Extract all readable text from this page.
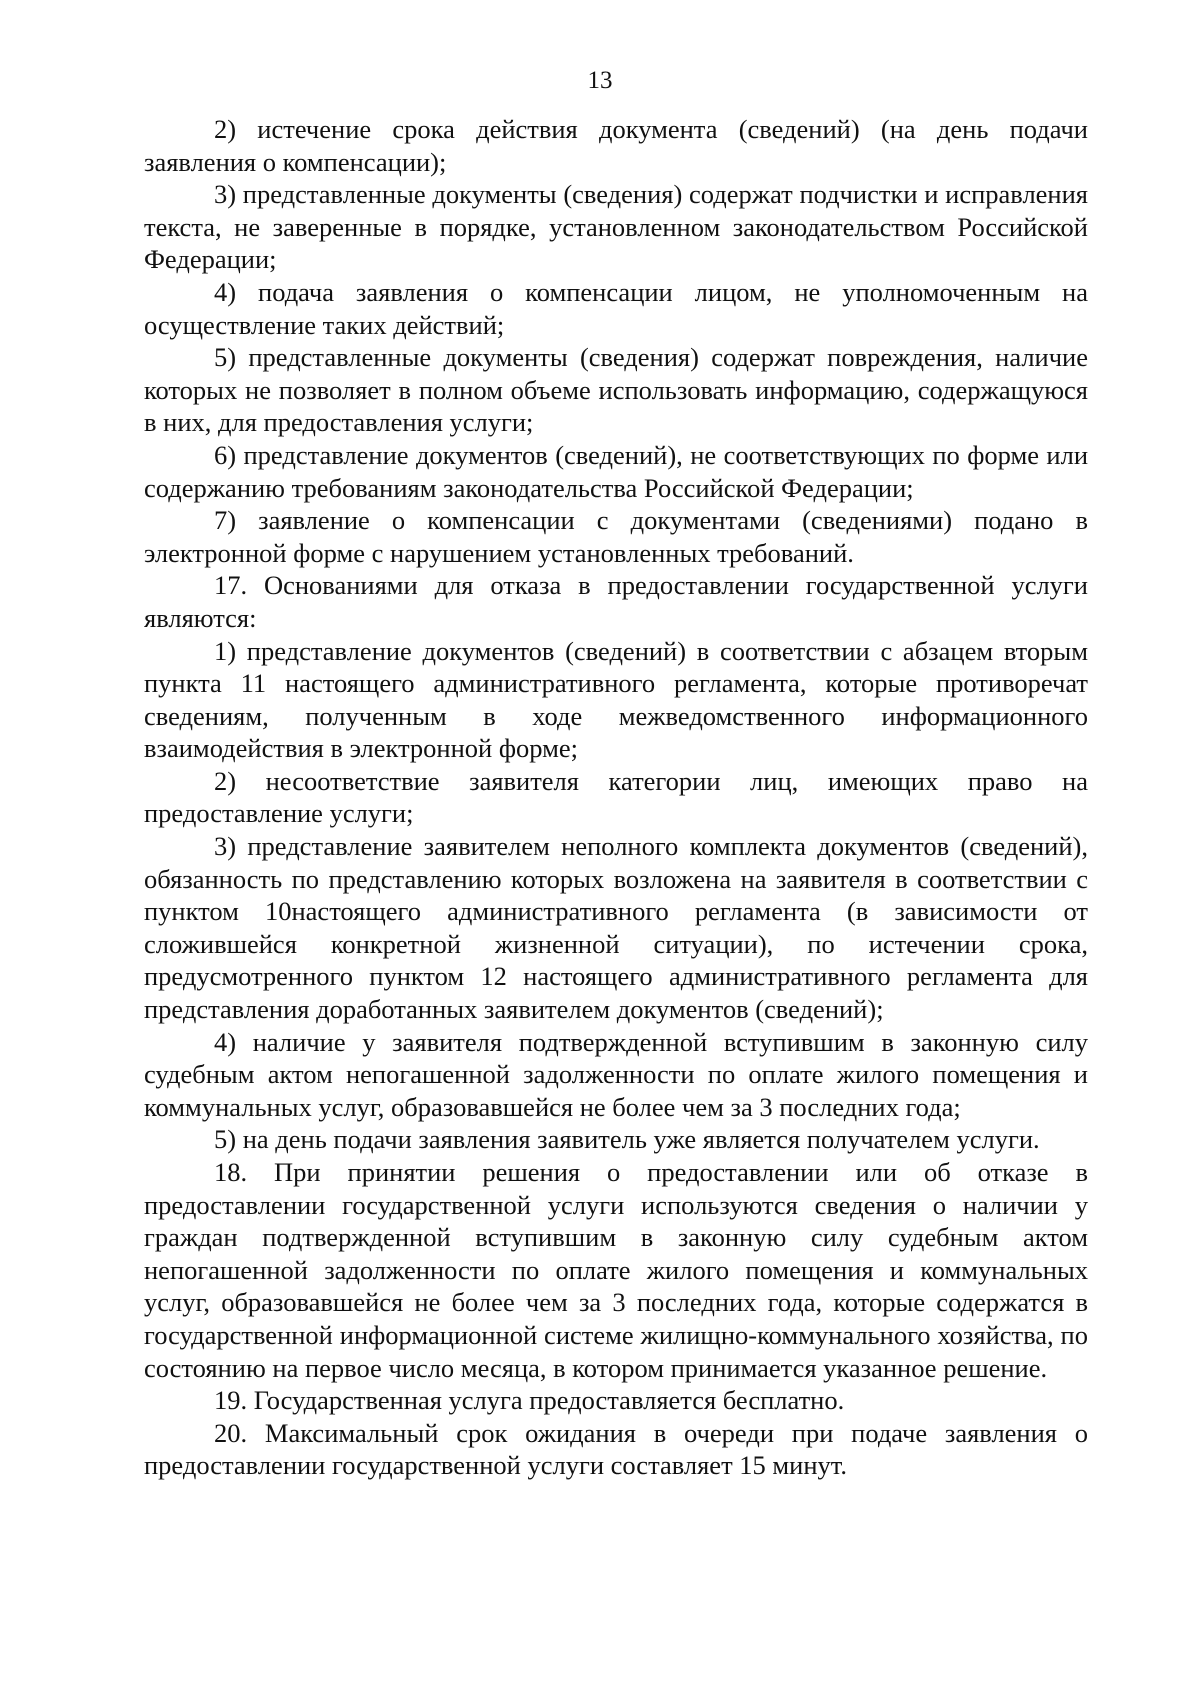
13

2) истечение срока действия документа (сведений) (на день подачи заявления о компенсации);

3) представленные документы (сведения) содержат подчистки и исправления текста, не заверенные в порядке, установленном законодательством Российской Федерации;

4) подача заявления о компенсации лицом, не уполномоченным на осуществление таких действий;

5) представленные документы (сведения) содержат повреждения, наличие которых не позволяет в полном объеме использовать информацию, содержащуюся в них, для предоставления услуги;

6) представление документов (сведений), не соответствующих по форме или содержанию требованиям законодательства Российской Федерации;

7) заявление о компенсации с документами (сведениями) подано в электронной форме с нарушением установленных требований.

17. Основаниями для отказа в предоставлении государственной услуги являются:

1) представление документов (сведений) в соответствии с абзацем вторым пункта 11 настоящего административного регламента, которые противоречат сведениям, полученным в ходе межведомственного информационного взаимодействия в электронной форме;

2) несоответствие заявителя категории лиц, имеющих право на предоставление услуги;

3) представление заявителем неполного комплекта документов (сведений), обязанность по представлению которых возложена на заявителя в соответствии с пунктом 10настоящего административного регламента (в зависимости от сложившейся конкретной жизненной ситуации), по истечении срока, предусмотренного пунктом 12 настоящего административного регламента для представления доработанных заявителем документов (сведений);

4) наличие у заявителя подтвержденной вступившим в законную силу судебным актом непогашенной задолженности по оплате жилого помещения и коммунальных услуг, образовавшейся не более чем за 3 последних года;

5) на день подачи заявления заявитель уже является получателем услуги.

18. При принятии решения о предоставлении или об отказе в предоставлении государственной услуги используются сведения о наличии у граждан подтвержденной вступившим в законную силу судебным актом непогашенной задолженности по оплате жилого помещения и коммунальных услуг, образовавшейся не более чем за 3 последних года, которые содержатся в государственной информационной системе жилищно-коммунального хозяйства, по состоянию на первое число месяца, в котором принимается указанное решение.

19. Государственная услуга предоставляется бесплатно.

20. Максимальный срок ожидания в очереди при подаче заявления о предоставлении государственной услуги составляет 15 минут.
